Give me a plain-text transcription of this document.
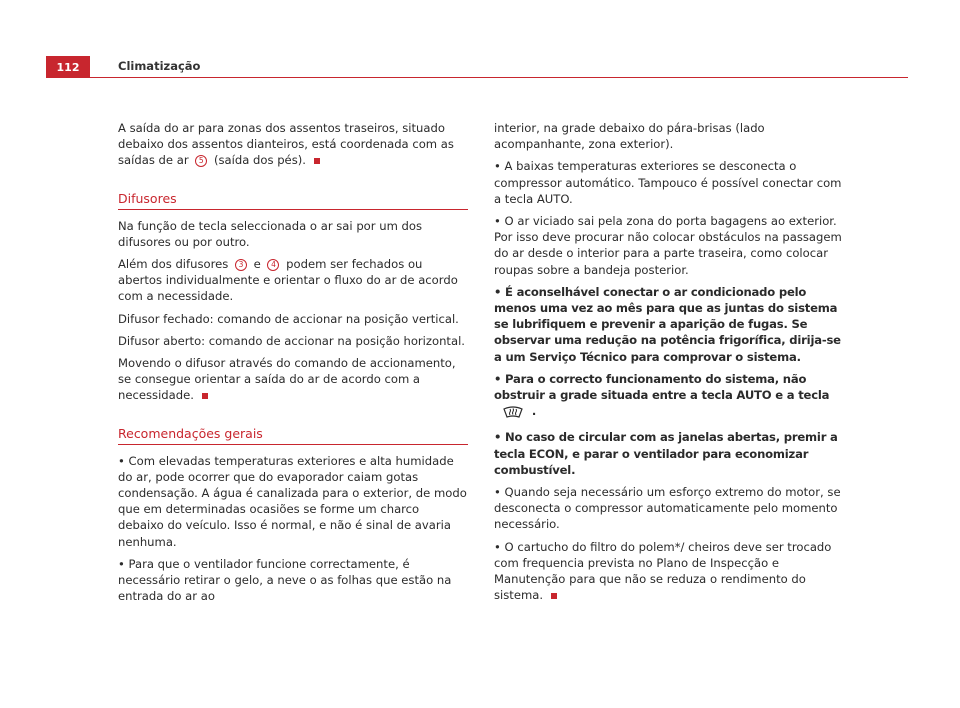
112	Climatização

A saída do ar para zonas dos assentos traseiros, situado debaixo dos assentos dianteiros, está coordenada com as saídas de ar 5 (saída dos pés).

Difusores

Na função de tecla seleccionada o ar sai por um dos difusores ou por outro.

Além dos difusores 3 e 4 podem ser fechados ou abertos individualmente e orientar o fluxo do ar de acordo com a necessidade.

Difusor fechado: comando de accionar na posição vertical.

Difusor aberto: comando de accionar na posição horizontal.

Movendo o difusor através do comando de accionamento, se consegue orientar a saída do ar de acordo com a necessidade.

Recomendações gerais

• Com elevadas temperaturas exteriores e alta humidade do ar, pode ocorrer que do evaporador caiam gotas condensação. A água é canalizada para o exterior, de modo que em determinadas ocasiões se forme um charco debaixo do veículo. Isso é normal, e não é sinal de avaria nenhuma.

• Para que o ventilador funcione correctamente, é necessário retirar o gelo, a neve o as folhas que estão na entrada do ar ao

interior, na grade debaixo do pára-brisas (lado acompanhante, zona exterior).

• A baixas temperaturas exteriores se desconecta o compressor automático. Tampouco é possível conectar com a tecla AUTO.

• O ar viciado sai pela zona do porta bagagens ao exterior. Por isso deve procurar não colocar obstáculos na passagem do ar desde o interior para a parte traseira, como colocar roupas sobre a bandeja posterior.

• É aconselhável conectar o ar condicionado pelo menos uma vez ao mês para que as juntas do sistema se lubrifiquem e prevenir a aparição de fugas. Se observar uma redução na potência frigorífica, dirija-se a um Serviço Técnico para comprovar o sistema.

• Para o correcto funcionamento do sistema, não obstruir a grade situada entre a tecla AUTO e a tecla  .

• No caso de circular com as janelas abertas, premir a tecla ECON, e parar o ventilador para economizar combustível.

• Quando seja necessário um esforço extremo do motor, se desconecta o compressor automaticamente pelo momento necessário.

• O cartucho do filtro do polem*/ cheiros deve ser trocado com frequencia prevista no Plano de Inspecção e Manutenção para que não se reduza o rendimento do sistema.
